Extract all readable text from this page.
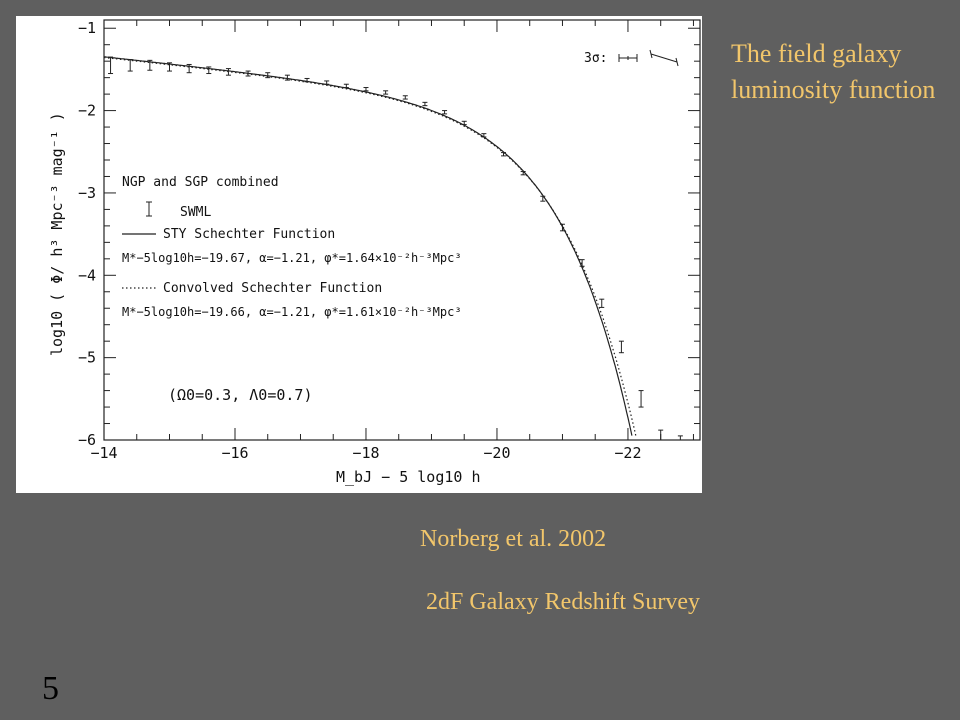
−14	−16	−18	−20	−22
−1
−2
−3
−4
−5
−6
NGP and SGP combined
SWML
STY Schechter Function
M*−5log10h=−19.67, α=−1.21, φ*=1.64×10⁻²h⁻³Mpc³
Convolved Schechter Function
M*−5log10h=−19.66, α=−1.21, φ*=1.61×10⁻²h⁻³Mpc³
(Ω0=0.3, Λ0=0.7)
3σ:
M_bJ − 5 log10 h
log10 ( Φ/ h³ Mpc⁻³ mag⁻¹ )
The field galaxy luminosity function
Norberg et al. 2002
2dF Galaxy Redshift Survey
5
